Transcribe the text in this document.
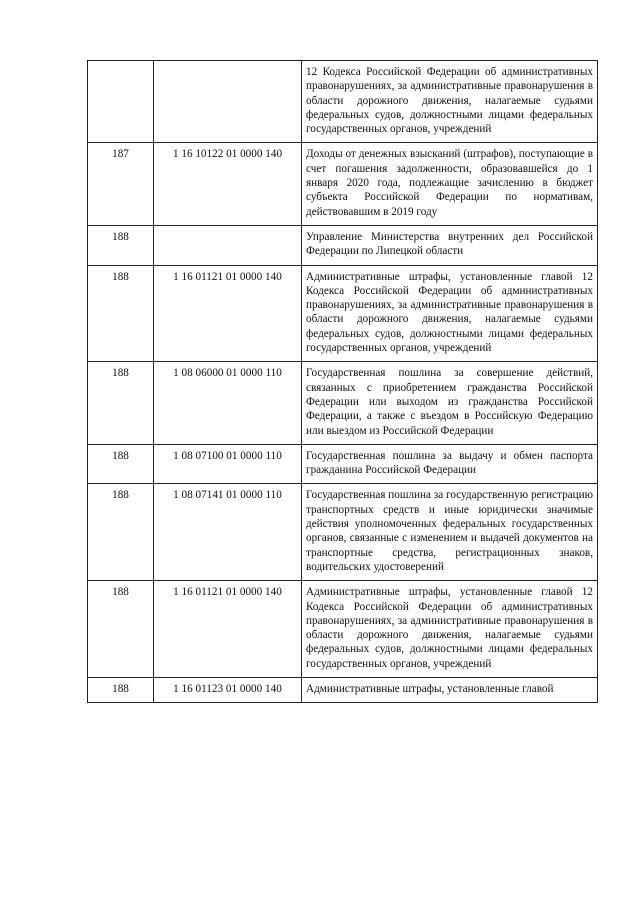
		12 Кодекса Российской Федерации об административных правонарушениях, за административные правонарушения в области дорожного движения, налагаемые судьями федеральных судов, должностными лицами федеральных государственных органов, учреждений
187	1 16 10122 01 0000 140	Доходы от денежных взысканий (штрафов), поступающие в счет погашения задолженности, образовавшейся до 1 января 2020 года, подлежащие зачислению в бюджет субъекта Российской Федерации по нормативам, действовавшим в 2019 году
188		Управление Министерства внутренних дел Российской Федерации по Липецкой области
188	1 16 01121 01 0000 140	Административные штрафы, установленные главой 12 Кодекса Российской Федерации об административных правонарушениях, за административные правонарушения в области дорожного движения, налагаемые судьями федеральных судов, должностными лицами федеральных государственных органов, учреждений
188	1 08 06000 01 0000 110	Государственная пошлина за совершение действий, связанных с приобретением гражданства Российской Федерации или выходом из гражданства Российской Федерации, а также с въездом в Российскую Федерацию или выездом из Российской Федерации
188	1 08 07100 01 0000 110	Государственная пошлина за выдачу и обмен паспорта гражданина Российской Федерации
188	1 08 07141 01 0000 110	Государственная пошлина за государственную регистрацию транспортных средств и иные юридически значимые действия уполномоченных федеральных государственных органов, связанные с изменением и выдачей документов на транспортные средства, регистрационных знаков, водительских удостоверений
188	1 16 01121 01 0000 140	Административные штрафы, установленные главой 12 Кодекса Российской Федерации об административных правонарушениях, за административные правонарушения в области дорожного движения, налагаемые судьями федеральных судов, должностными лицами федеральных государственных органов, учреждений
188	1 16 01123 01 0000 140	Административные штрафы, установленные главой
